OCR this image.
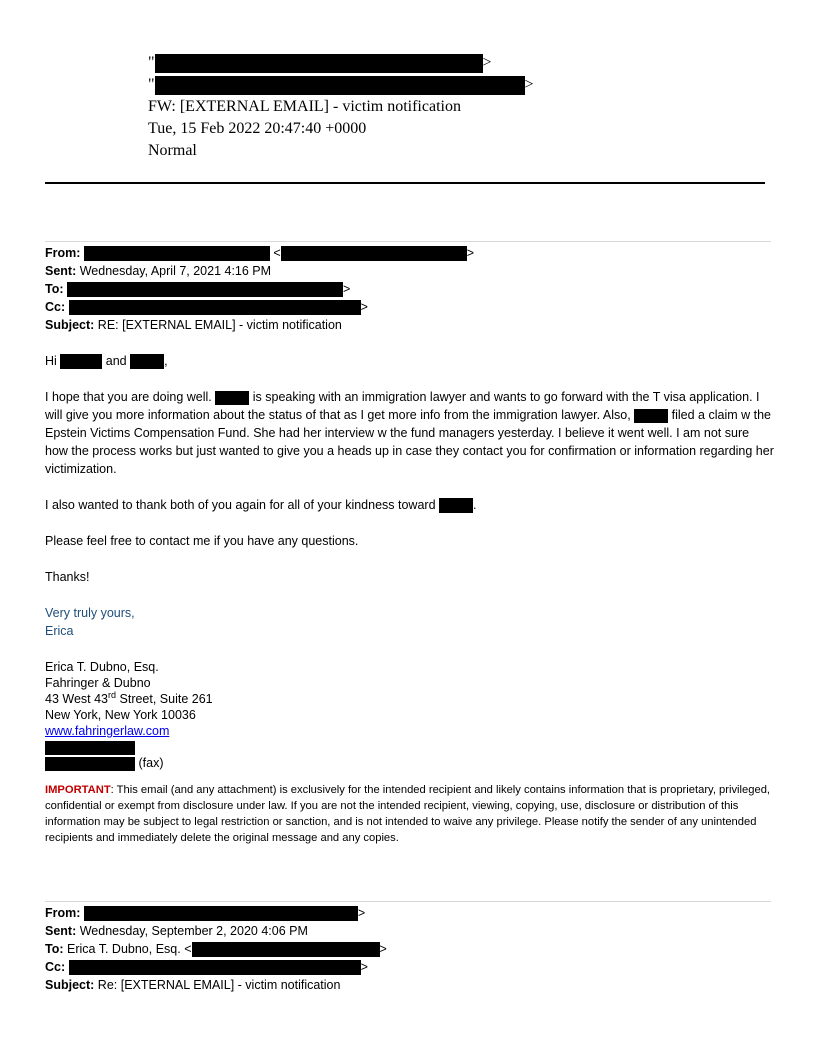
"	>
"	>
FW: [EXTERNAL EMAIL] - victim notification
Tue, 15 Feb 2022 20:47:40 +0000
Normal
From:	<	>
Sent: Wednesday, April 7, 2021 4:16 PM
To:	>
Cc:	>
Subject: RE: [EXTERNAL EMAIL] - victim notification
Hi	and	,
I hope that you are doing well.	is speaking with an immigration lawyer and wants to go forward with the T visa application. I will give you more information about the status of that as I get more info from the immigration lawyer. Also,	filed a claim w the Epstein Victims Compensation Fund. She had her interview w the fund managers yesterday. I believe it went well. I am not sure how the process works but just wanted to give you a heads up in case they contact you for confirmation or information regarding her victimization.
I also wanted to thank both of you again for all of your kindness toward	.
Please feel free to contact me if you have any questions.
Thanks!
Very truly yours,
Erica
Erica T. Dubno, Esq.
Fahringer & Dubno
43 West 43rd Street, Suite 261
New York, New York 10036
www.fahringerlaw.com
(fax)
IMPORTANT: This email (and any attachment) is exclusively for the intended recipient and likely contains information that is proprietary, privileged, confidential or exempt from disclosure under law. If you are not the intended recipient, viewing, copying, use, disclosure or distribution of this information may be subject to legal restriction or sanction, and is not intended to waive any privilege. Please notify the sender of any unintended recipients and immediately delete the original message and any copies.
From:	>
Sent: Wednesday, September 2, 2020 4:06 PM
To: Erica T. Dubno, Esq. <	>
Cc:	>
Subject: Re: [EXTERNAL EMAIL] - victim notification
